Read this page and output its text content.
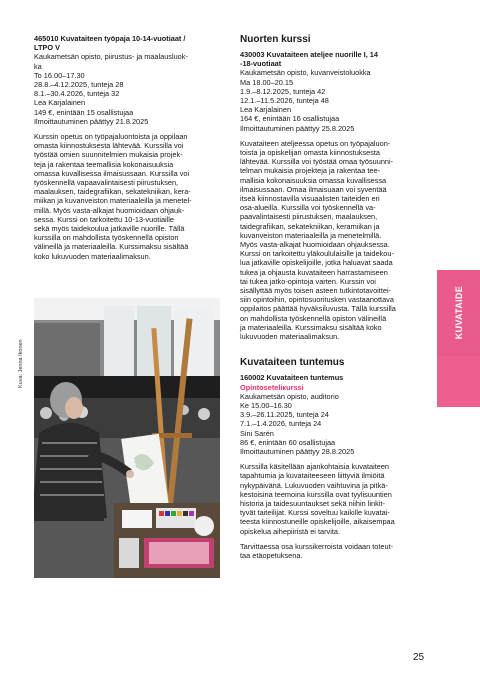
465010 Kuvataiteen työpaja 10-14-vuotiaat /
LTPO V
Kaukametsän opisto, piirustus- ja maalausluok-
ka
To 16.00–17.30
28.8.–4.12.2025, tunteja 28
8.1.–30.4.2026, tunteja 32
Lea Karjalainen
149 €, enintään 15 osallistujaa
Ilmoittautuminen päättyy 21.8.2025
Kurssin opetus on työpajaluontoista ja oppilaan
omasta kiinnostuksesta lähtevää. Kurssilla voi
työstää omien suunnitelmien mukaisia projek-
teja ja rakentaa teemallisia kokonaisuuksia
omassa kuvallisessa ilmaisussaan. Kurssilla voi
työskennellä vapaavalintaisesti piirustuksen,
maalauksen, taidegrafiikan, sekatekniikan, kera-
miikan ja kuvanveiston materiaaleilla ja menetel-
millä. Myös vasta-alkajat huomioidaan ohjauk-
sessa. Kurssi on tarkoitettu 10-13-vuotiaille
sekä myös taidekoulua jatkaville nuorille. Tällä
kurssilla on mahdollista työskennellä opiston
välineillä ja materiaaleilla. Kurssimaksu sisältää
koko lukuvuoden materiaalimaksun.
Kuva: Jenna Ikonen
Nuorten kurssi
430003 Kuvataiteen ateljee nuorille I, 14
-18-vuotiaat
Kaukametsän opisto, kuvanveistoluokka
Ma 18.00–20.15
1.9.–8.12.2025, tunteja 42
12.1.–11.5.2026, tunteja 48
Lea Karjalainen
164 €, enintään 16 osallistujaa
Ilmoittautuminen päättyy 25.8.2025
Kuvataiteen ateljeessa opetus on työpajaluon-
toista ja opiskelijan omasta kiinnostuksesta
lähtevää. Kurssilla voi työstää omaa työsuunni-
telman mukaisia projekteja ja rakentaa tee-
mallisia kokonaisuuksia omassa kuvallisessa
ilmaisussaan. Omaa ilmaisuaan voi syventää
itseä kiinnostavilla visuaalisten taiteiden eri
osa-alueilla. Kurssilla voi työskennellä va-
paavalintaisesti piirustuksen, maalauksen,
taidegrafiikan, sekatekniikan, keramiikan ja
kuvanveiston materiaaleilla ja menetelmillä.
Myös vasta-alkajat huomioidaan ohjauksessa.
Kurssi on tarkoitettu yläkoululaisille ja taidekou-
lua jatkaville opiskelijoille, jotka haluavat saada
tukea ja ohjausta kuvataiteen harrastamiseen
tai tukea jatko-opintoja varten. Kurssin voi
sisällyttää myös toisen asteen tutkintotavoittei-
siin opintoihin, opintosuoritusken vastaanottava
oppilaitos päättää hyväksiluvusta. Tällä kurssilla
on mahdollista työskennellä opiston välineillä
ja materiaaleilla. Kurssimaksu sisältää koko
lukuvuoden materiaalimaksun.
Kuvataiteen tuntemus
160002 Kuvataiteen tuntemus
Opintoseteliкurssi
Kaukametsän opisto, auditorio
Ke 15.00–16.30
3.9.–26.11.2025, tunteja 24
7.1.–1.4.2026, tunteja 24
Sini Sarén
86 €, enintään 60 osallistujaa
Ilmoittautuminen päättyy 28.8.2025
Kurssilla käsitellään ajankohtaisia kuvataiteen
tapahtumia ja kuvataiteeseen liittyviä ilmiöitä
nykypäivänä. Lukuvuoden vaihtuvina ja pitkä-
kestoisina teemoina kurssilla ovat tyylisuuntien
historia ja taidesuuntaukset sekä niihin linkit-
tyvät taiteilijat. Kurssi soveltuu kaikille kuvatai-
teesta kiinnostuneille opiskelijoille, aikaisempaa
opiskelua aihepiiristä ei tarvita.
Tarvittaessa osa kurssikerroista voidaan toteut-
taa etäopetuksena.
KUVATAIDE
25
